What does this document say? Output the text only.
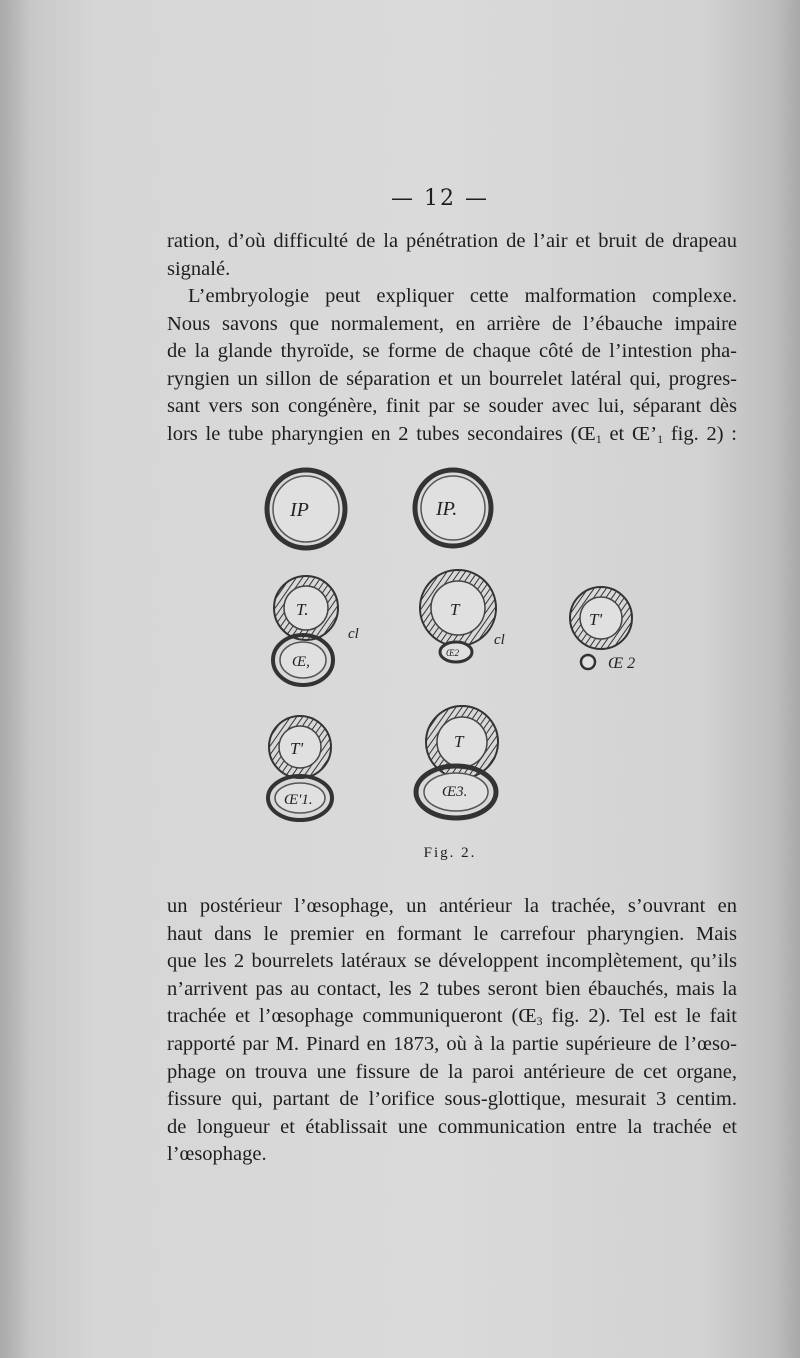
— 12 —

ration, d’où difficulté de la pénétration de l’air et bruit de drapeau
signalé.

L’embryologie peut expliquer cette malformation complexe.
Nous savons que normalement, en arrière de l’ébauche impaire
de la glande thyroïde, se forme de chaque côté de l’intestion pha-
ryngien un sillon de séparation et un bourrelet latéral qui, progres-
sant vers son congénère, finit par se souder avec lui, séparant dès
lors le tube pharyngien en 2 tubes secondaires ($Œ_1$ et $Œ’_1$ fig. 2) :

IP	IP.
T.
Œ,
cl
T
Œ2
cl
T'
Œ 2
T'
Œ'1.
T
Œ3.
Fig. 2.

un postérieur l’œsophage, un antérieur la trachée, s’ouvrant en
haut dans le premier en formant le carrefour pharyngien. Mais
que les 2 bourrelets latéraux se développent incomplètement, qu’ils
n’arrivent pas au contact, les 2 tubes seront bien ébauchés, mais la
trachée et l’œsophage communiqueront ($Œ_3$ fig. 2). Tel est le fait
rapporté par M. Pinard en 1873, où à la partie supérieure de l’œso-
phage on trouva une fissure de la paroi antérieure de cet organe,
fissure qui, partant de l’orifice sous-glottique, mesurait 3 centim.
de longueur et établissait une communication entre la trachée et
l’œsophage.
